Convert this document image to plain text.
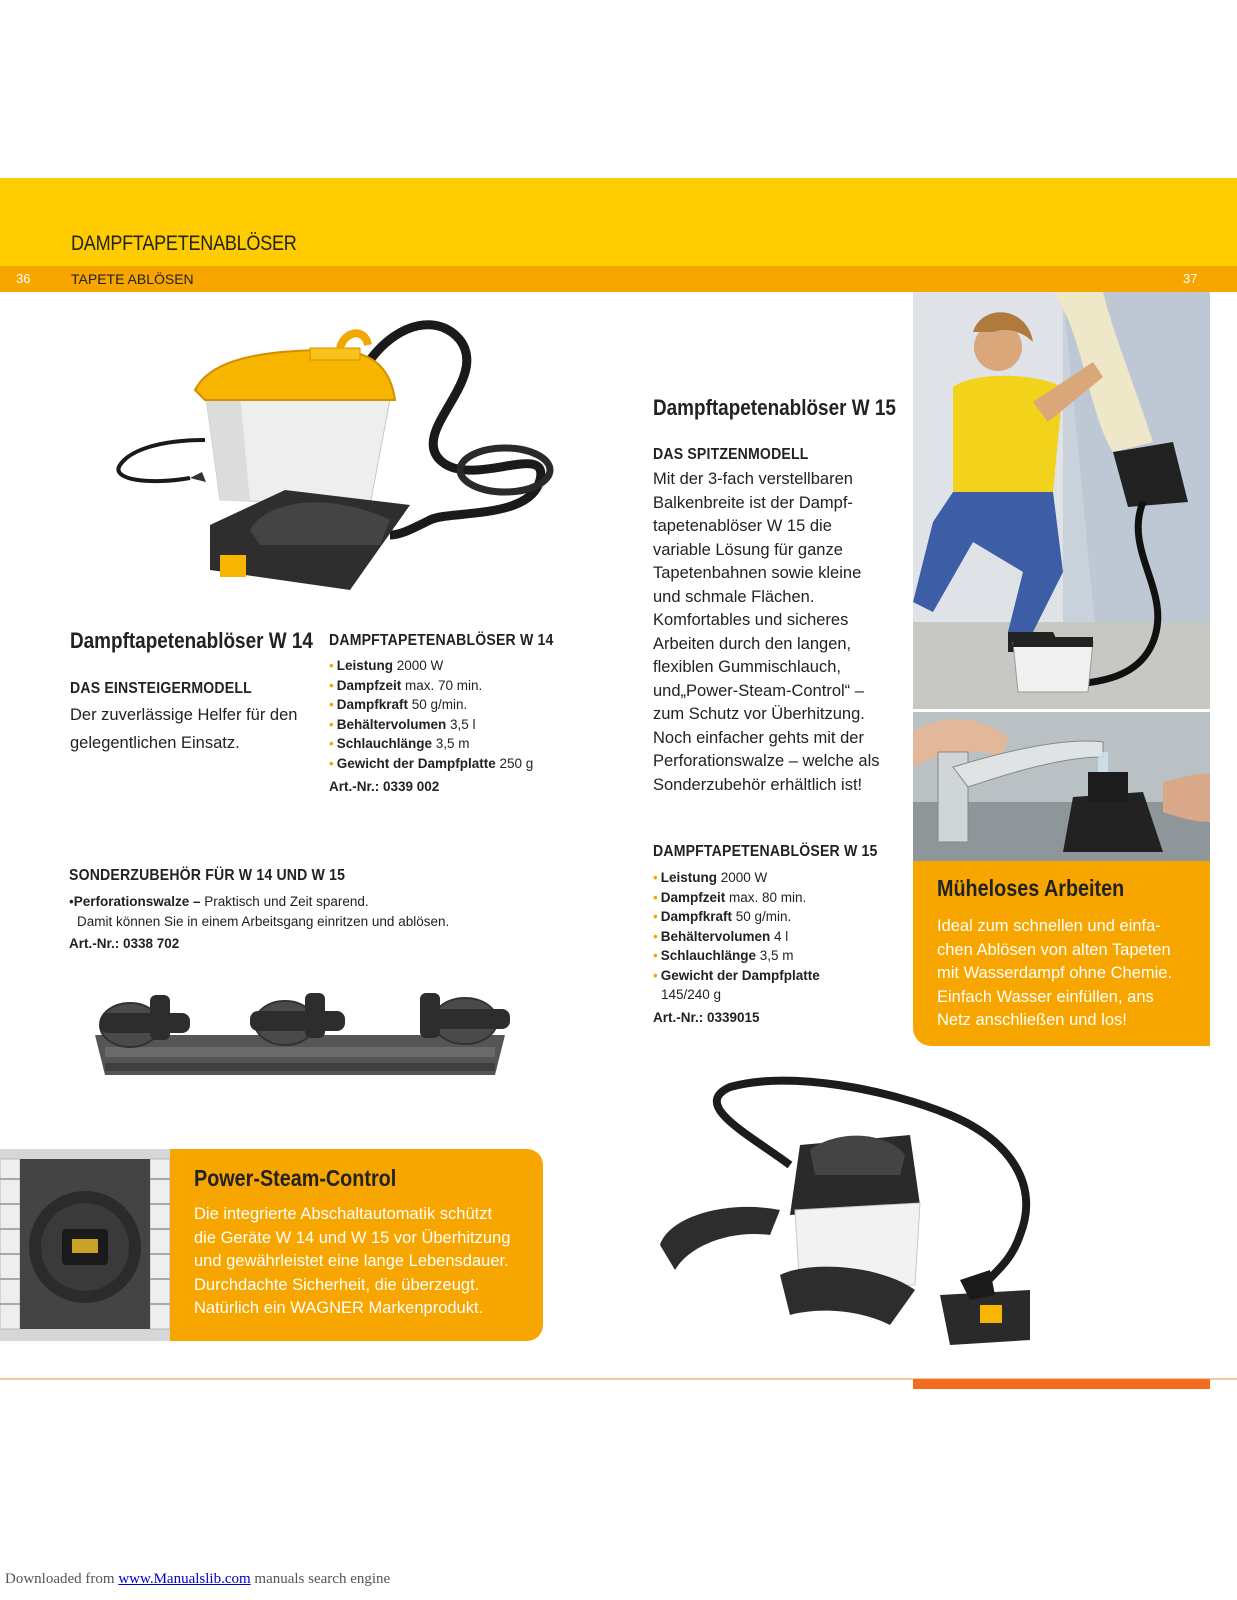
DAMPFTAPETENABLÖSER
36	TAPETE ABLÖSEN	37
Dampftapetenablöser W 14
DAS EINSTEIGERMODELL
Der zuverlässige Helfer für den
gelegentlichen Einsatz.
DAMPFTAPETENABLÖSER W 14
• Leistung 2000 W
• Dampfzeit max. 70 min.
• Dampfkraft 50 g/min.
• Behältervolumen 3,5 l
• Schlauchlänge 3,5 m
• Gewicht der Dampfplatte 250 g
Art.-Nr.: 0339 002
SONDERZUBEHÖR FÜR W 14 UND W 15
•Perforationswalze – Praktisch und Zeit sparend.
Damit können Sie in einem Arbeitsgang einritzen und ablösen.
Art.-Nr.: 0338 702
Dampftapetenablöser W 15
DAS SPITZENMODELL
Mit der 3-fach verstellbaren
Balkenbreite ist der Dampf-
tapetenablöser W 15 die
variable Lösung für ganze
Tapetenbahnen sowie kleine
und schmale Flächen.
Komfortables und sicheres
Arbeiten durch den langen,
flexiblen Gummischlauch,
und„Power-Steam-Control“ –
zum Schutz vor Überhitzung.
Noch einfacher gehts mit der
Perforationswalze – welche als
Sonderzubehör erhältlich ist!
DAMPFTAPETENABLÖSER W 15
• Leistung 2000 W
• Dampfzeit max. 80 min.
• Dampfkraft 50 g/min.
• Behältervolumen 4 l
• Schlauchlänge 3,5 m
• Gewicht der Dampfplatte
145/240 g
Art.-Nr.: 0339015
Müheloses Arbeiten
Ideal zum schnellen und einfa-
chen Ablösen von alten Tapeten
mit Wasserdampf ohne Chemie.
Einfach Wasser einfüllen, ans
Netz anschließen und los!
Power-Steam-Control
Die integrierte Abschaltautomatik schützt
die Geräte W 14 und W 15 vor Überhitzung
und gewährleistet eine lange Lebensdauer.
Durchdachte Sicherheit, die überzeugt.
Natürlich ein WAGNER Markenprodukt.
Downloaded from www.Manualslib.com manuals search engine
